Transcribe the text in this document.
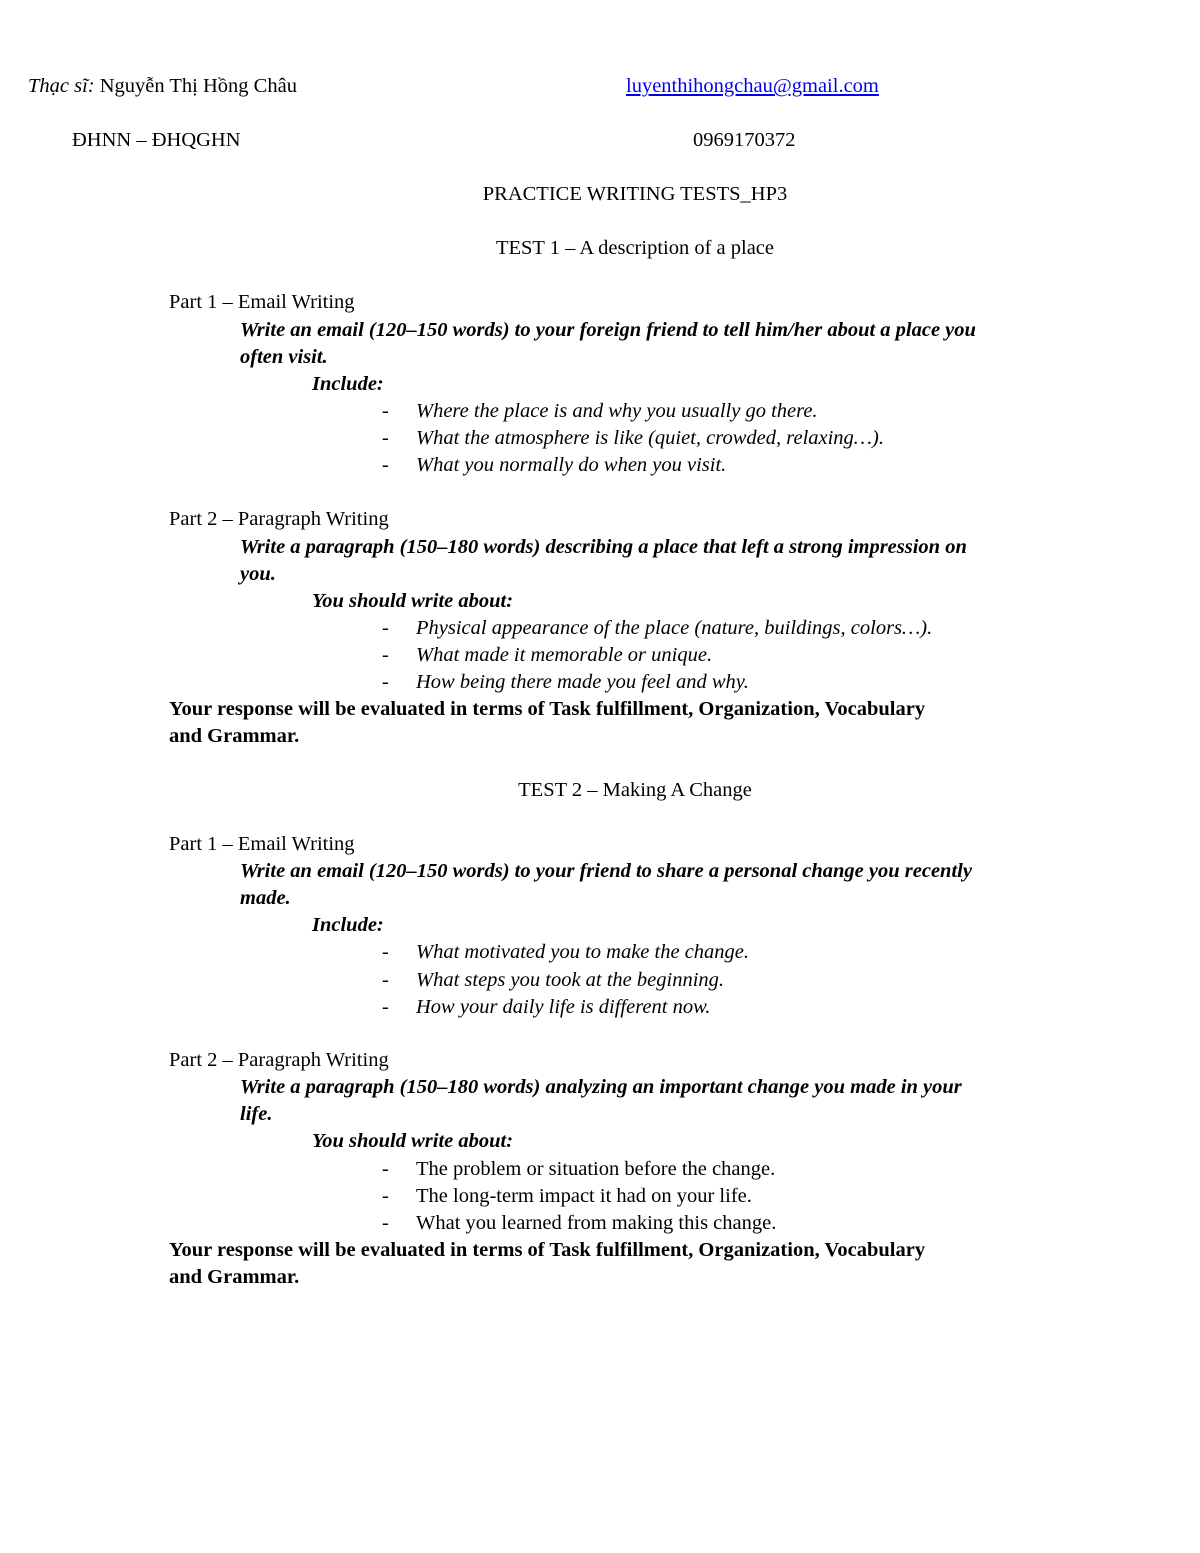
Thạc sĩ: Nguyễn Thị Hồng Châu	luyenthihongchau@gmail.com
ĐHNN – ĐHQGHN	0969170372
PRACTICE WRITING TESTS_HP3
TEST 1 – A description of a place
Part 1 – Email Writing
Write an email (120–150 words) to your foreign friend to tell him/her about a place you
often visit.
Include:
- Where the place is and why you usually go there.
- What the atmosphere is like (quiet, crowded, relaxing…).
- What you normally do when you visit.
Part 2 – Paragraph Writing
Write a paragraph (150–180 words) describing a place that left a strong impression on
you.
You should write about:
- Physical appearance of the place (nature, buildings, colors…).
- What made it memorable or unique.
- How being there made you feel and why.
Your response will be evaluated in terms of Task fulfillment, Organization, Vocabulary
and Grammar.
TEST 2 – Making A Change
Part 1 – Email Writing
Write an email (120–150 words) to your friend to share a personal change you recently
made.
Include:
- What motivated you to make the change.
- What steps you took at the beginning.
- How your daily life is different now.
Part 2 – Paragraph Writing
Write a paragraph (150–180 words) analyzing an important change you made in your
life.
You should write about:
- The problem or situation before the change.
- The long-term impact it had on your life.
- What you learned from making this change.
Your response will be evaluated in terms of Task fulfillment, Organization, Vocabulary
and Grammar.
